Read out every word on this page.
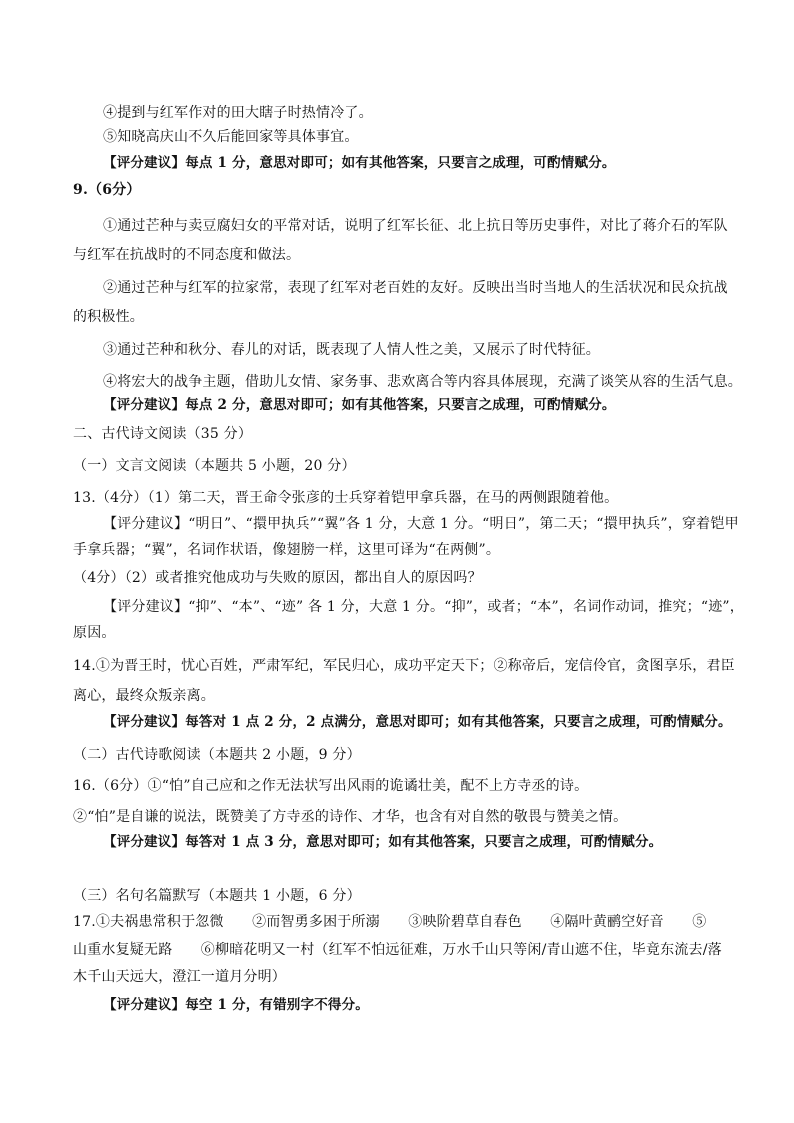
④提到与红军作对的田大瞎子时热情冷了。
⑤知晓高庆山不久后能回家等具体事宜。
【评分建议】每点 1 分，意思对即可；如有其他答案，只要言之成理，可酌情赋分。
9.（6分）
①通过芒种与卖豆腐妇女的平常对话，说明了红军长征、北上抗日等历史事件，对比了蒋介石的军队
与红军在抗战时的不同态度和做法。
②通过芒种与红军的拉家常，表现了红军对老百姓的友好。反映出当时当地人的生活状况和民众抗战
的积极性。
③通过芒种和秋分、春儿的对话，既表现了人情人性之美，又展示了时代特征。
④将宏大的战争主题，借助儿女情、家务事、悲欢离合等内容具体展现，充满了谈笑从容的生活气息。
【评分建议】每点 2 分，意思对即可；如有其他答案，只要言之成理，可酌情赋分。
二、古代诗文阅读（35 分）
（一）文言文阅读（本题共 5 小题，20 分）
13.（4分）（1）第二天，晋王命令张彦的士兵穿着铠甲拿兵器，在马的两侧跟随着他。
【评分建议】“明日”、“擐甲执兵”“翼”各 1 分，大意 1 分。“明日”，第二天；“擐甲执兵”，穿着铠甲
手拿兵器；“翼”，名词作状语，像翅膀一样，这里可译为“在两侧”。
（4分）（2）或者推究他成功与失败的原因，都出自人的原因吗？
【评分建议】“抑”、“本”、“迹” 各 1 分，大意 1 分。“抑”，或者；“本”，名词作动词，推究；“迹”，
原因。
14.①为晋王时，忧心百姓，严肃军纪，军民归心，成功平定天下；②称帝后，宠信伶官，贪图享乐，君臣
离心，最终众叛亲离。
【评分建议】每答对 1 点 2 分，2 点满分，意思对即可；如有其他答案，只要言之成理，可酌情赋分。
（二）古代诗歌阅读（本题共 2 小题，9 分）
16.（6分）①“怕”自己应和之作无法状写出风雨的诡谲壮美，配不上方寺丞的诗。
②“怕”是自谦的说法，既赞美了方寺丞的诗作、才华，也含有对自然的敬畏与赞美之情。
【评分建议】每答对 1 点 3 分，意思对即可；如有其他答案，只要言之成理，可酌情赋分。
（三）名句名篇默写（本题共 1 小题，6 分）
17.①夫祸患常积于忽微　　②而智勇多困于所溺　　③映阶碧草自春色　　④隔叶黄鹂空好音　　⑤
山重水复疑无路　　⑥柳暗花明又一村（红军不怕远征难，万水千山只等闲/青山遮不住，毕竟东流去/落
木千山天远大，澄江一道月分明）
【评分建议】每空 1 分，有错别字不得分。
